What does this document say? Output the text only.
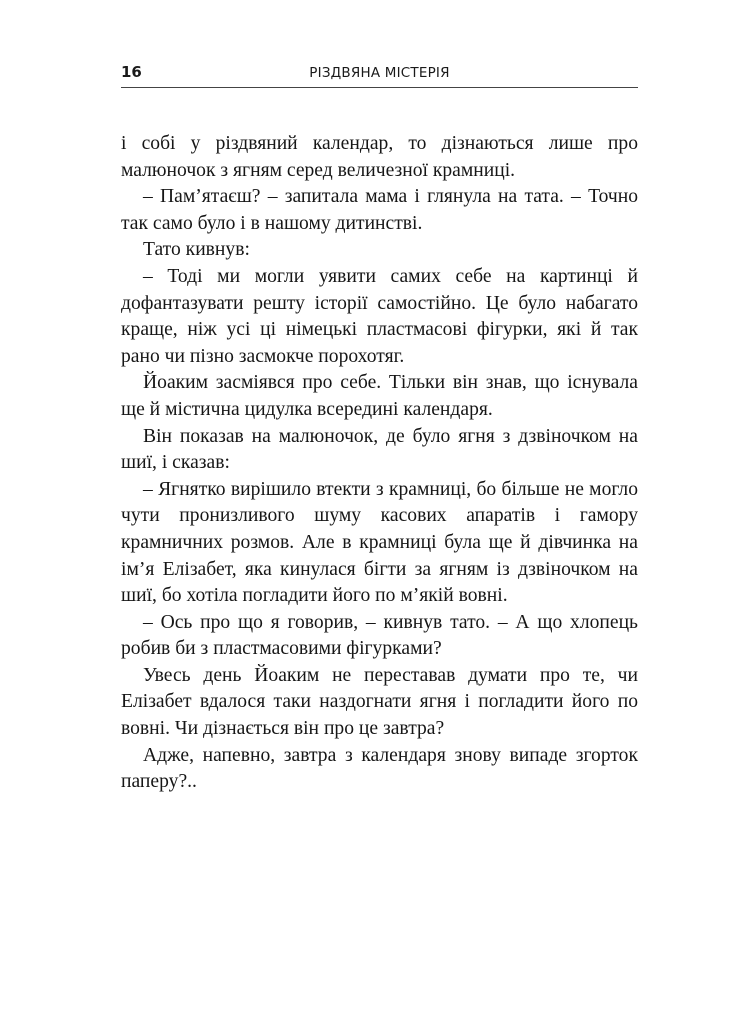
16	РІЗДВЯНА МІСТЕРІЯ

і собі у різдвяний календар, то дізнаються лише про малюночок з ягням серед величезної крамниці.

– Пам’ятаєш? – запитала мама і глянула на тата. – Точно так само було і в нашому дитинстві.

Тато кивнув:

– Тоді ми могли уявити самих себе на картинці й дофантазувати решту історії самостійно. Це було набагато краще, ніж усі ці німецькі пластмасові фігурки, які й так рано чи пізно засмокче порохотяг.

Йоаким засміявся про себе. Тільки він знав, що існувала ще й містична цидулка всередині календаря.

Він показав на малюночок, де було ягня з дзвіночком на шиї, і сказав:

– Ягнятко вирішило втекти з крамниці, бо більше не могло чути пронизливого шуму касових апаратів і гамору крамничних розмов. Але в крамниці була ще й дівчинка на ім’я Елізабет, яка кинулася бігти за ягням із дзвіночком на шиї, бо хотіла погладити його по м’якій вовні.

– Ось про що я говорив, – кивнув тато. – А що хлопець робив би з пластмасовими фігурками?

Увесь день Йоаким не переставав думати про те, чи Елізабет вдалося таки наздогнати ягня і погладити його по вовні. Чи дізнається він про це завтра?

Адже, напевно, завтра з календаря знову випаде згорток паперу?..
